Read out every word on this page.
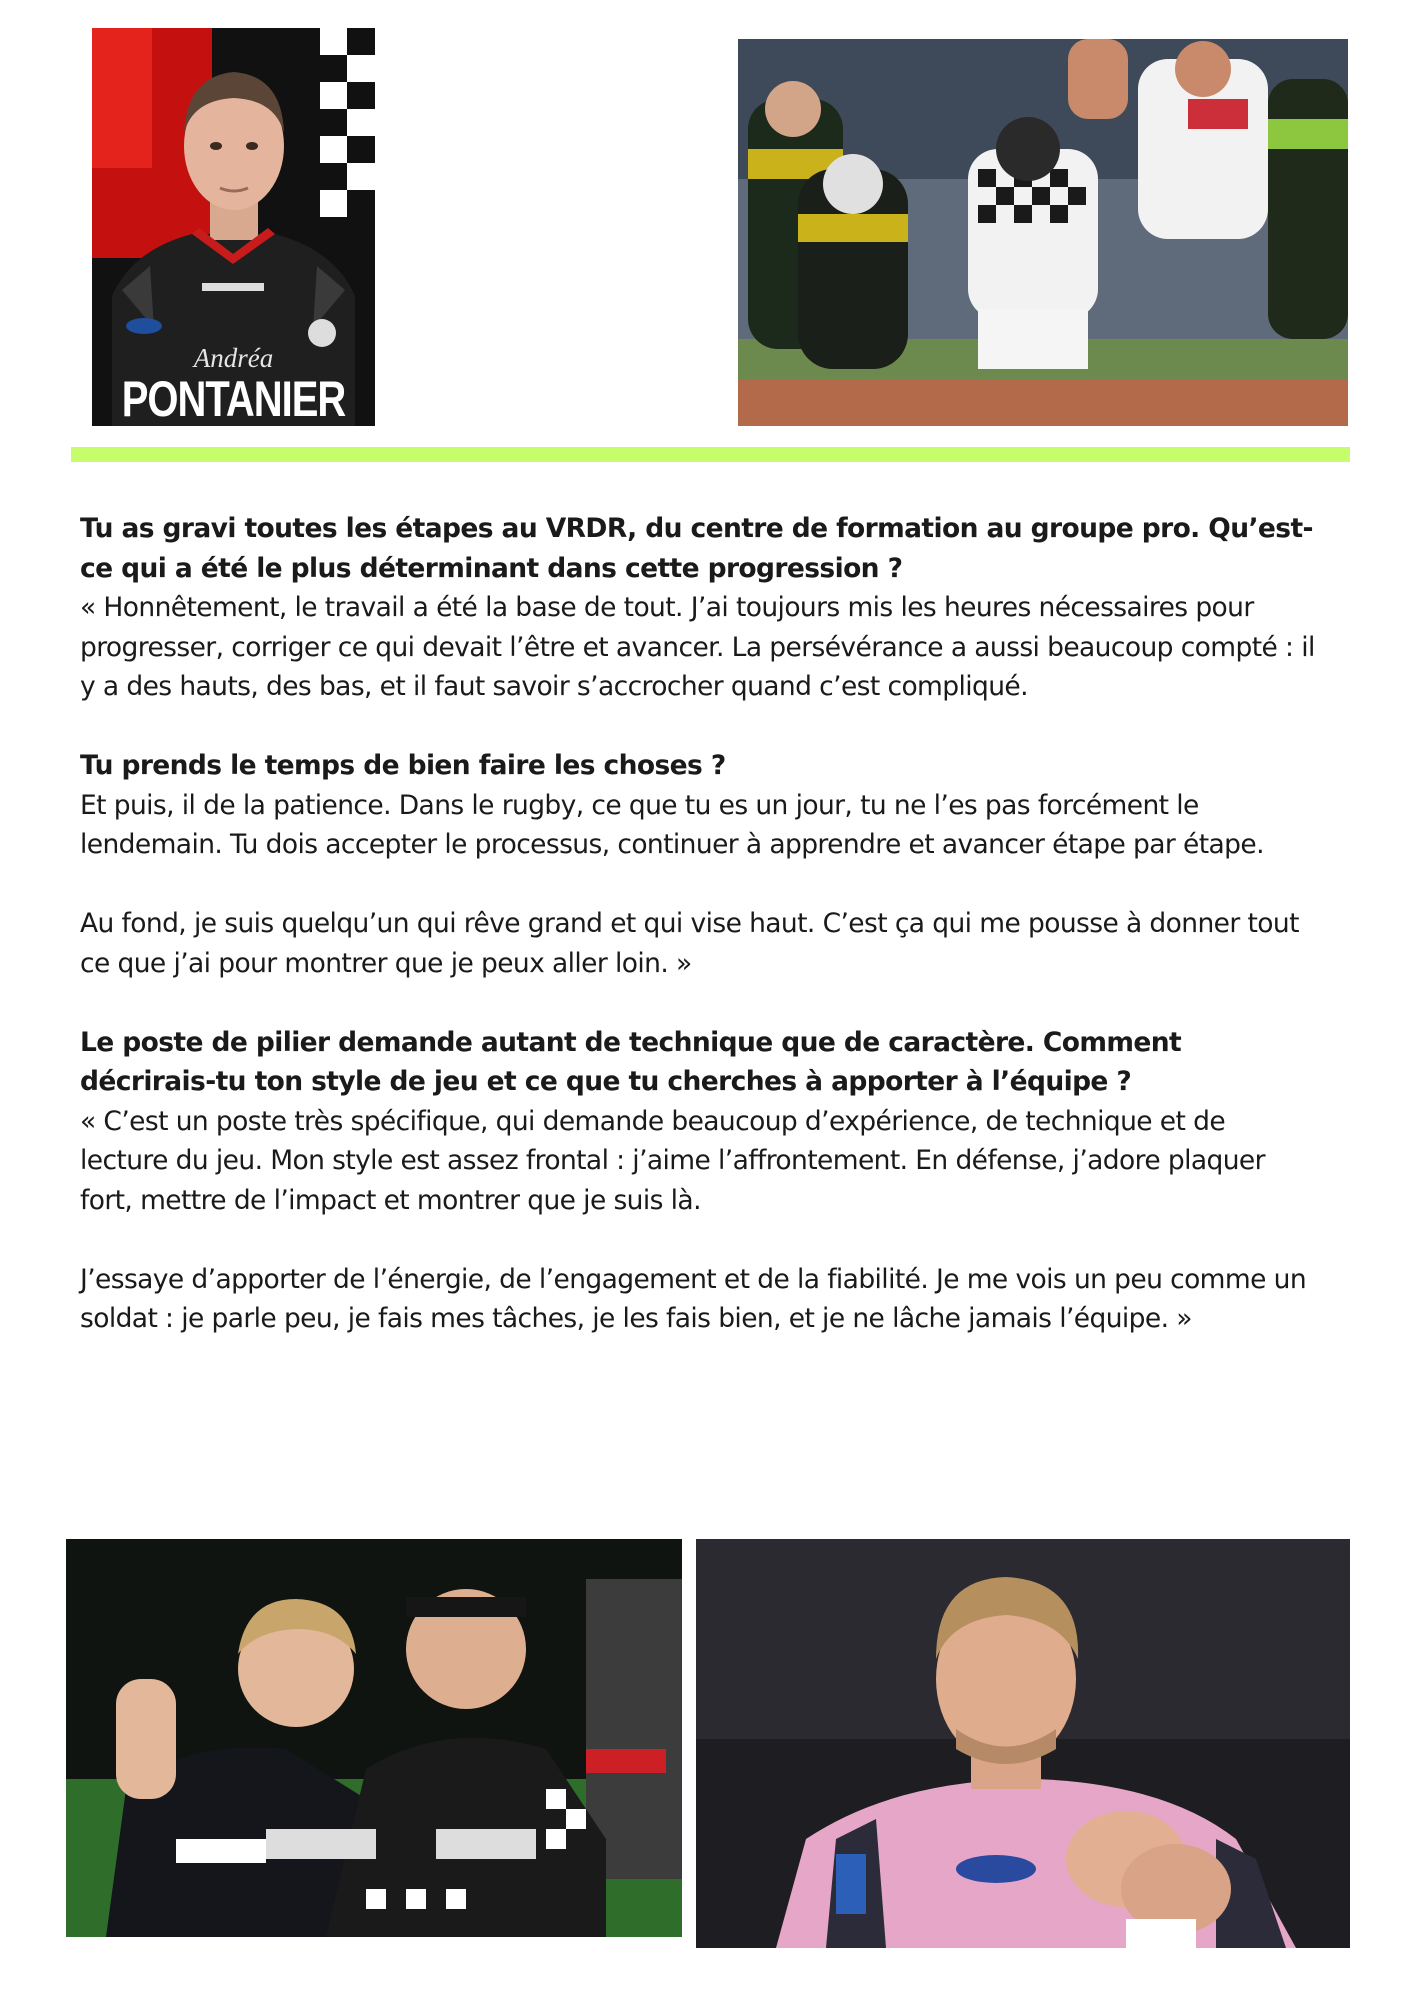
Andréa
PONTANIER

Tu as gravi toutes les étapes au VRDR, du centre de formation au groupe pro. Qu’est-ce qui a été le plus déterminant dans cette progression ?

« Honnêtement, le travail a été la base de tout. J’ai toujours mis les heures nécessaires pour progresser, corriger ce qui devait l’être et avancer. La persévérance a aussi beaucoup compté : il y a des hauts, des bas, et il faut savoir s’accrocher quand c’est compliqué.

Tu prends le temps de bien faire les choses ?

Et puis, il de la patience. Dans le rugby, ce que tu es un jour, tu ne l’es pas forcément le lendemain. Tu dois accepter le processus, continuer à apprendre et avancer étape par étape.

Au fond, je suis quelqu’un qui rêve grand et qui vise haut. C’est ça qui me pousse à donner tout ce que j’ai pour montrer que je peux aller loin. »

Le poste de pilier demande autant de technique que de caractère. Comment décrirais-tu ton style de jeu et ce que tu cherches à apporter à l’équipe ?

« C’est un poste très spécifique, qui demande beaucoup d’expérience, de technique et de lecture du jeu. Mon style est assez frontal : j’aime l’affrontement. En défense, j’adore plaquer fort, mettre de l’impact et montrer que je suis là.

J’essaye d’apporter de l’énergie, de l’engagement et de la fiabilité. Je me vois un peu comme un soldat : je parle peu, je fais mes tâches, je les fais bien, et je ne lâche jamais l’équipe. »
